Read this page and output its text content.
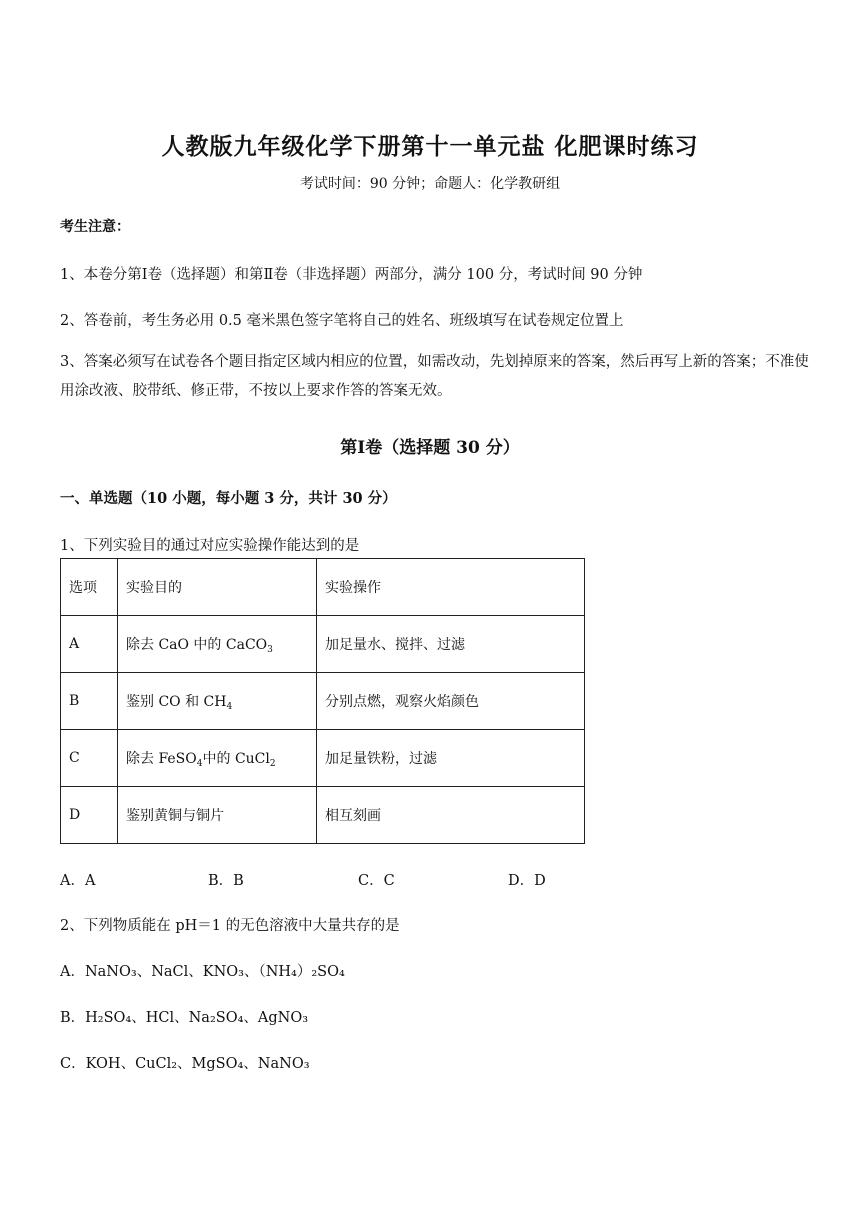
人教版九年级化学下册第十一单元盐 化肥课时练习
考试时间：90 分钟；命题人：化学教研组
考生注意：
1、本卷分第Ⅰ卷（选择题）和第Ⅱ卷（非选择题）两部分，满分 100 分，考试时间 90 分钟
2、答卷前，考生务必用 0.5 毫米黑色签字笔将自己的姓名、班级填写在试卷规定位置上
3、答案必须写在试卷各个题目指定区域内相应的位置，如需改动，先划掉原来的答案，然后再写上新的答案；不准使用涂改液、胶带纸、修正带，不按以上要求作答的答案无效。
第Ⅰ卷（选择题 30 分）
一、单选题（10 小题，每小题 3 分，共计 30 分）
1、下列实验目的通过对应实验操作能达到的是
选项	实验目的	实验操作
A	除去 CaO 中的 CaCO$_3$	加足量水、搅拌、过滤
B	鉴别 CO 和 $CH_4$	分别点燃，观察火焰颜色
C	除去 FeSO$_4$中的 CuCl$_2$	加足量铁粉，过滤
D	鉴别黄铜与铜片	相互刻画
A．A	B．B	C．C	D．D
2、下列物质能在 pH＝1 的无色溶液中大量共存的是
A．NaNO₃、NaCl、KNO₃、（NH₄）₂SO₄
B．H₂SO₄、HCl、Na₂SO₄、AgNO₃
C．KOH、CuCl₂、MgSO₄、NaNO₃
